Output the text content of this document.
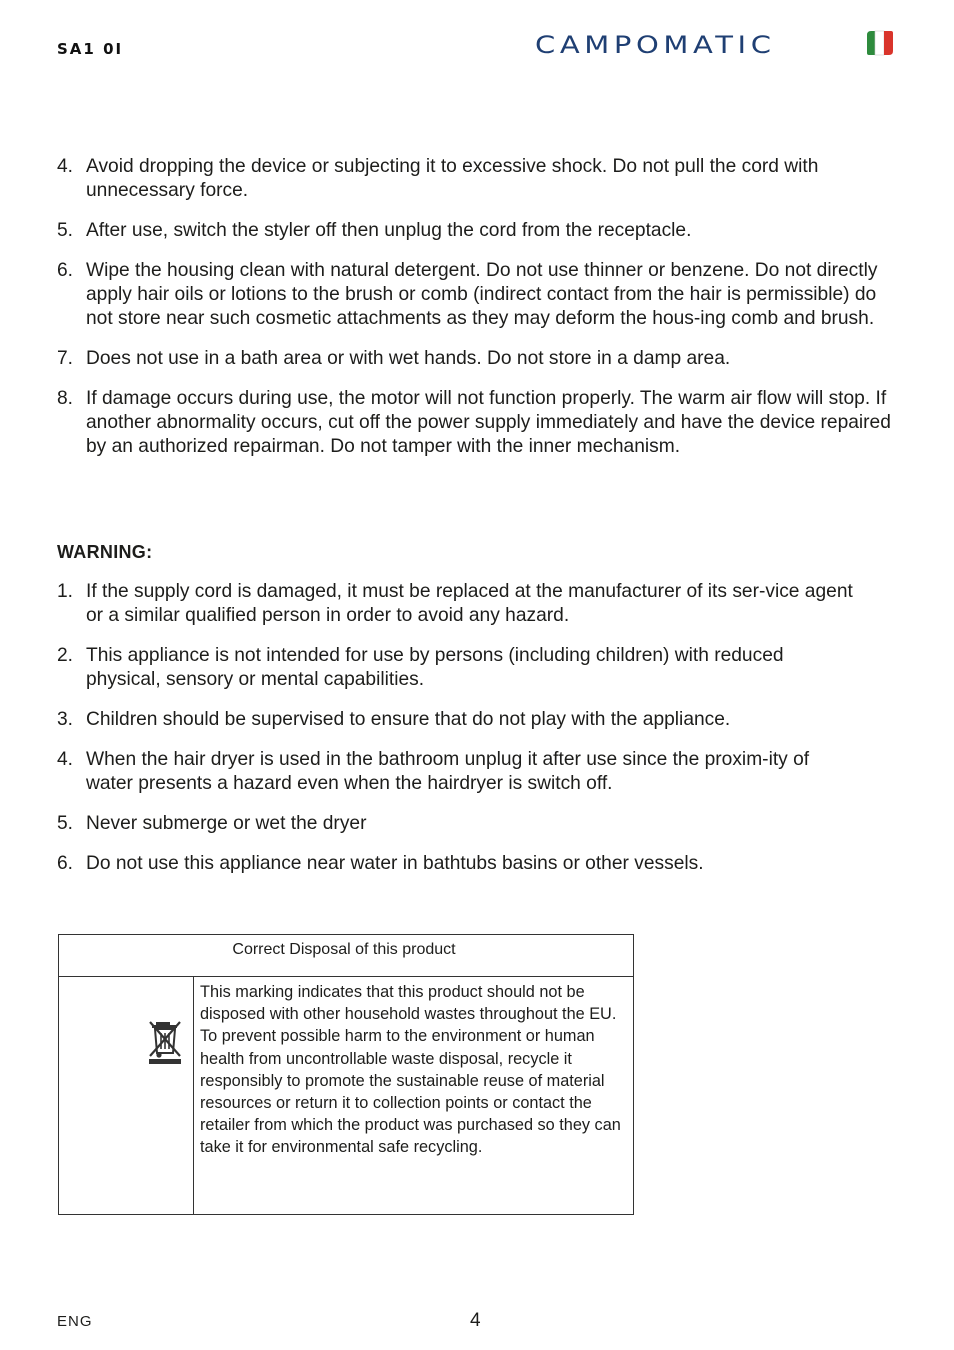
SA1 0I	CAMPOMATIC
4. Avoid dropping the device or subjecting it to excessive shock. Do not pull the cord with unnecessary force.
5. After use, switch the styler off then unplug the cord from the receptacle.
6. Wipe the housing clean with natural detergent. Do not use thinner or benzene. Do not directly apply hair oils or lotions to the brush or comb (indirect contact from the hair is permissible) do not store near such cosmetic attachments as they may deform the hous-ing comb and brush.
7. Does not use in a bath area or with wet hands. Do not store in a damp area.
8. If damage occurs during use, the motor will not function properly. The warm air flow will stop. If another abnormality occurs, cut off the power supply immediately and have the device repaired by an authorized repairman. Do not tamper with the inner mechanism.
WARNING:
1. If the supply cord is damaged, it must be replaced at the manufacturer of its ser-vice agent or a similar qualified person in order to avoid any hazard.
2. This appliance is not intended for use by persons (including children) with reduced physical, sensory or mental capabilities.
3. Children should be supervised to ensure that do not play with the appliance.
4. When the hair dryer is used in the bathroom unplug it after use since the proxim-ity of water presents a hazard even when the hairdryer is switch off.
5. Never submerge or wet the dryer
6. Do not use this appliance near water in bathtubs basins or other vessels.
Correct Disposal of this product
This marking indicates that this product should not be disposed with other household wastes throughout the EU. To prevent possible harm to the environment or human health from uncontrollable waste disposal, recycle it responsibly to promote the sustainable reuse of material resources or return it to collection points or contact the retailer from which the product was purchased so they can take it for environmental safe recycling.
ENG	4
